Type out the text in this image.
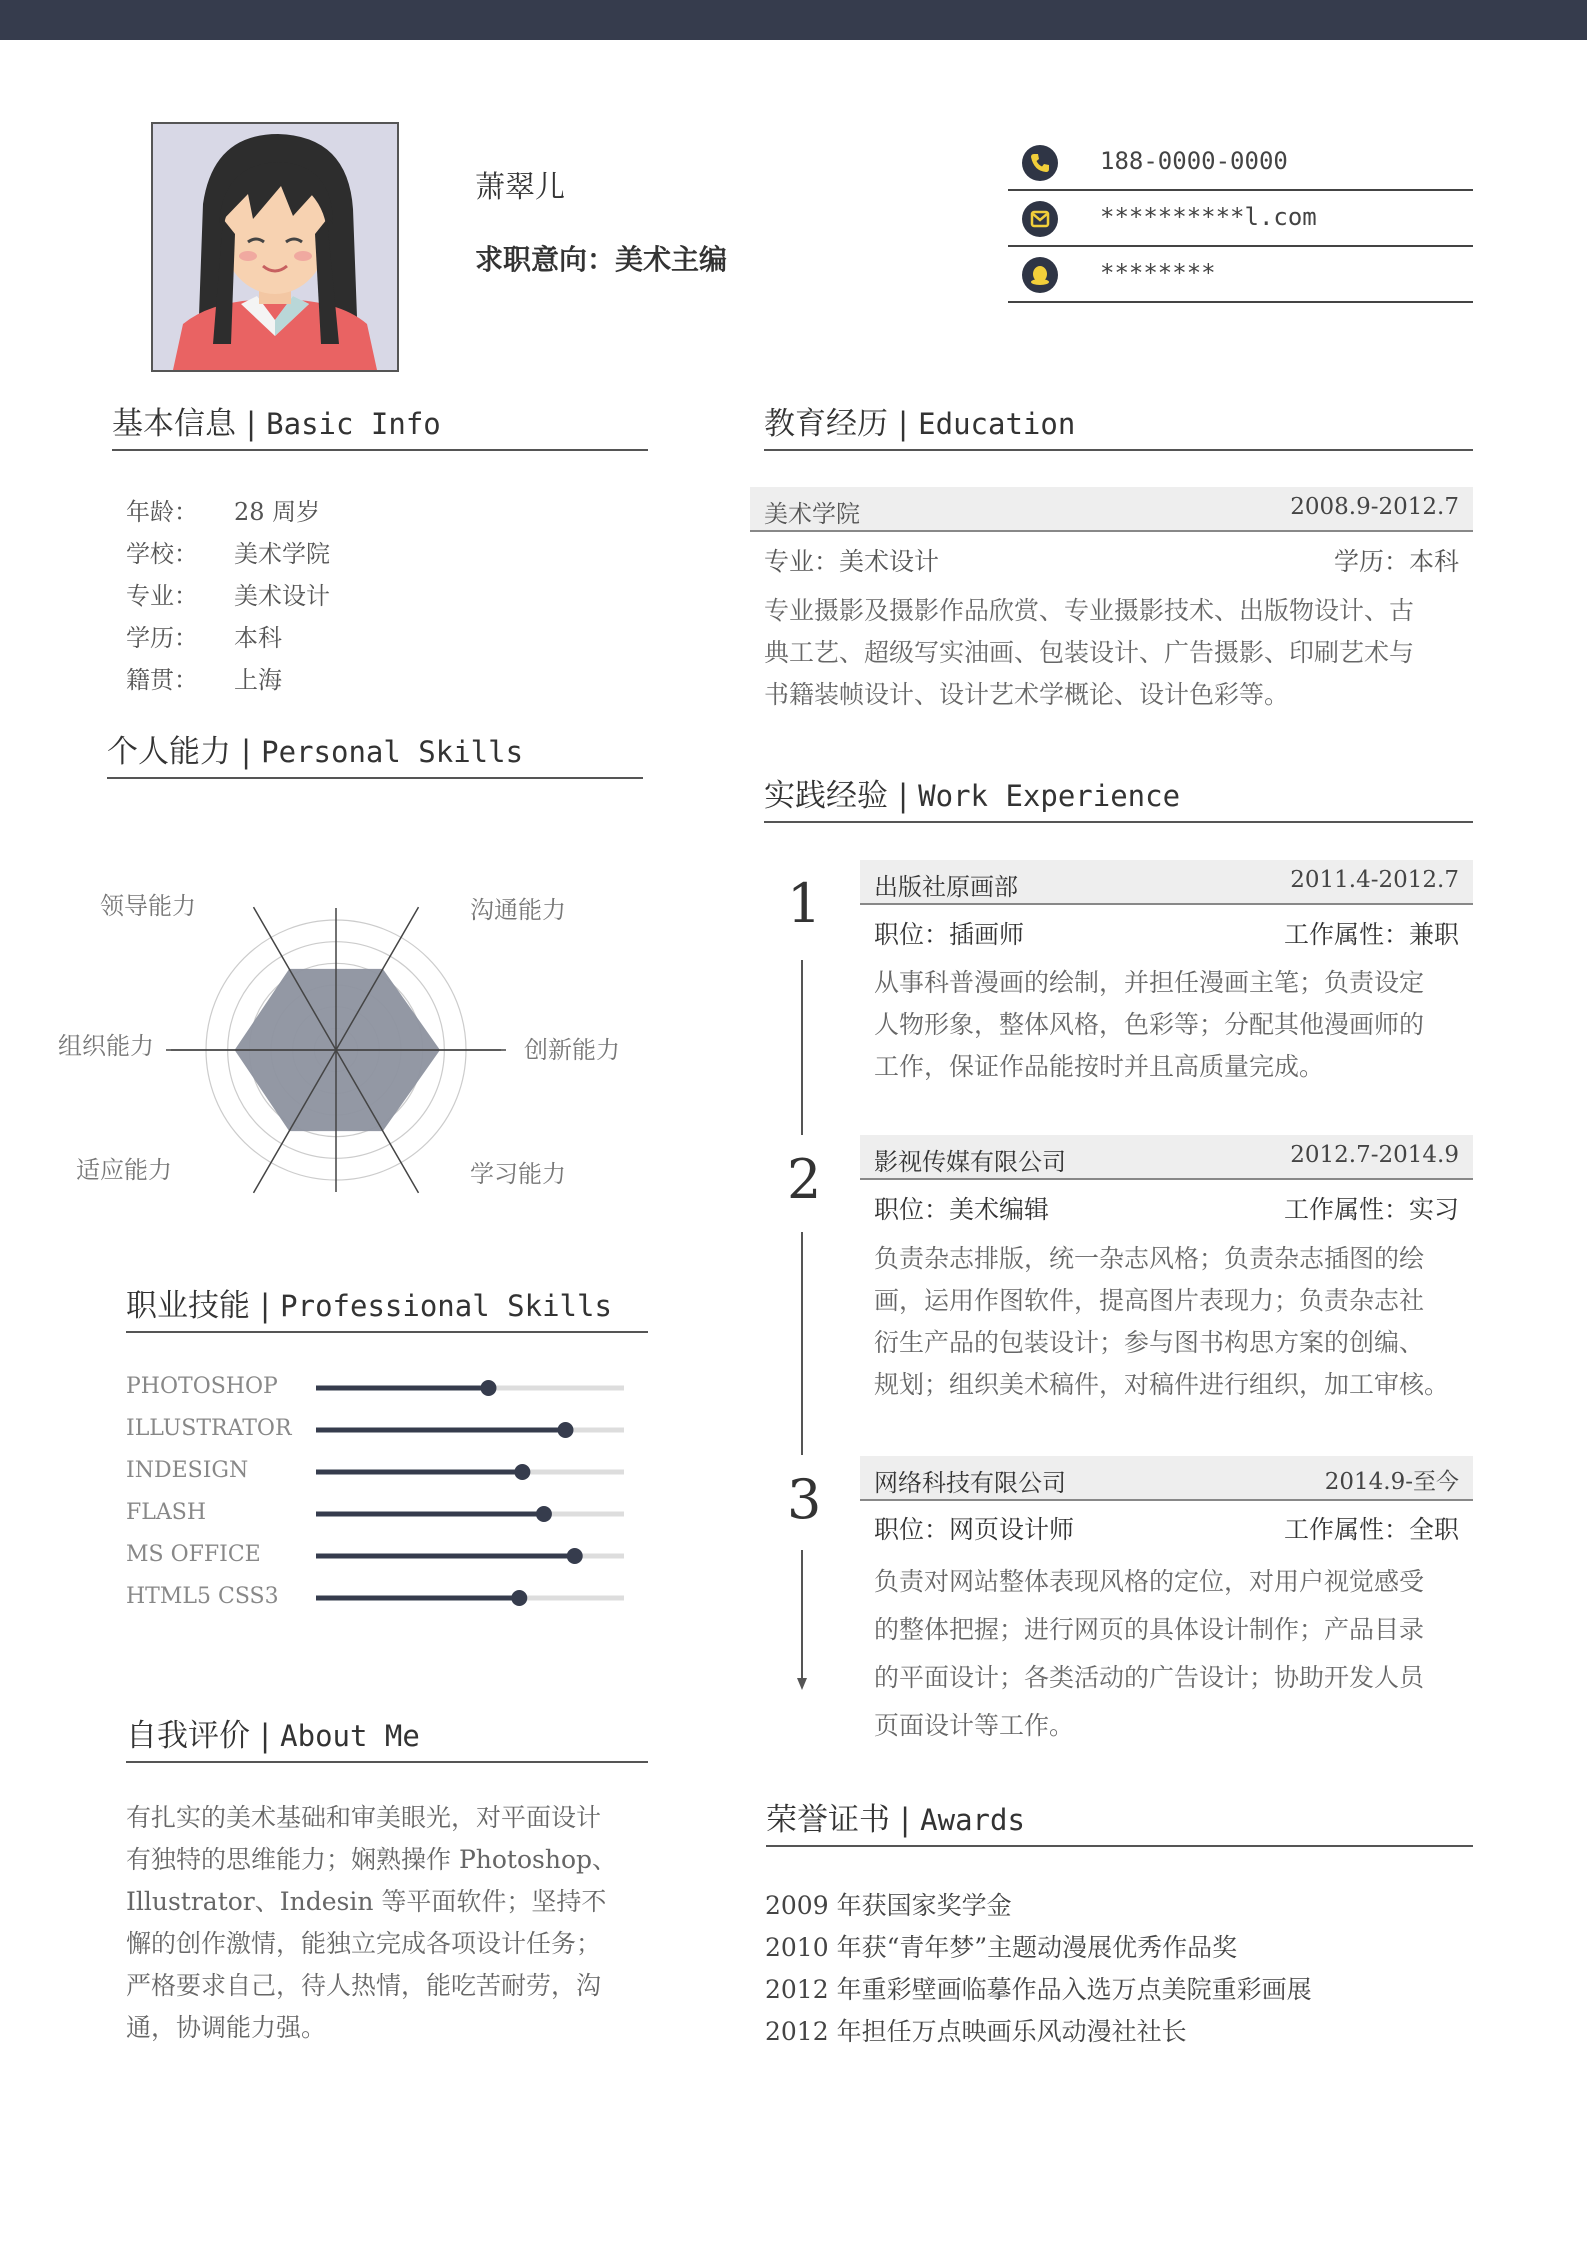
萧翠儿
求职意向：美术主编
188-0000-0000
**********l.com
********
基本信息 | Basic Info
年龄： 28 周岁
学校： 美术学院
专业： 美术设计
学历： 本科
籍贯： 上海
个人能力 | Personal Skills
领导能力	沟通能力
创新能力
学习能力
适应能力
组织能力
职业技能 | Professional Skills
PHOTOSHOP
ILLUSTRATOR
INDESIGN
FLASH
MS OFFICE
HTML5 CSS3
自我评价 | About Me
有扎实的美术基础和审美眼光，对平面设计
有独特的思维能力；娴熟操作 Photoshop、
Illustrator、Indesin 等平面软件；坚持不
懈的创作激情，能独立完成各项设计任务；
严格要求自己，待人热情，能吃苦耐劳，沟
通，协调能力强。
教育经历 | Education
美术学院	2008.9-2012.7
专业：美术设计	学历：本科
专业摄影及摄影作品欣赏、专业摄影技术、出版物设计、古
典工艺、超级写实油画、包装设计、广告摄影、印刷艺术与
书籍装帧设计、设计艺术学概论、设计色彩等。
实践经验 | Work Experience
1 出版社原画部	2011.4-2012.7
职位：插画师	工作属性：兼职
从事科普漫画的绘制，并担任漫画主笔；负责设定
人物形象，整体风格，色彩等；分配其他漫画师的
工作，保证作品能按时并且高质量完成。
2 影视传媒有限公司	2012.7-2014.9
职位：美术编辑	工作属性：实习
负责杂志排版，统一杂志风格；负责杂志插图的绘
画，运用作图软件，提高图片表现力；负责杂志社
衍生产品的包装设计；参与图书构思方案的创编、
规划；组织美术稿件，对稿件进行组织，加工审核。
3 网络科技有限公司	2014.9-至今
职位：网页设计师	工作属性：全职
负责对网站整体表现风格的定位，对用户视觉感受
的整体把握；进行网页的具体设计制作；产品目录
的平面设计；各类活动的广告设计；协助开发人员
页面设计等工作。
荣誉证书 | Awards
2009 年获国家奖学金
2010 年获“青年梦”主题动漫展优秀作品奖
2012 年重彩壁画临摹作品入选万点美院重彩画展
2012 年担任万点映画乐风动漫社社长
